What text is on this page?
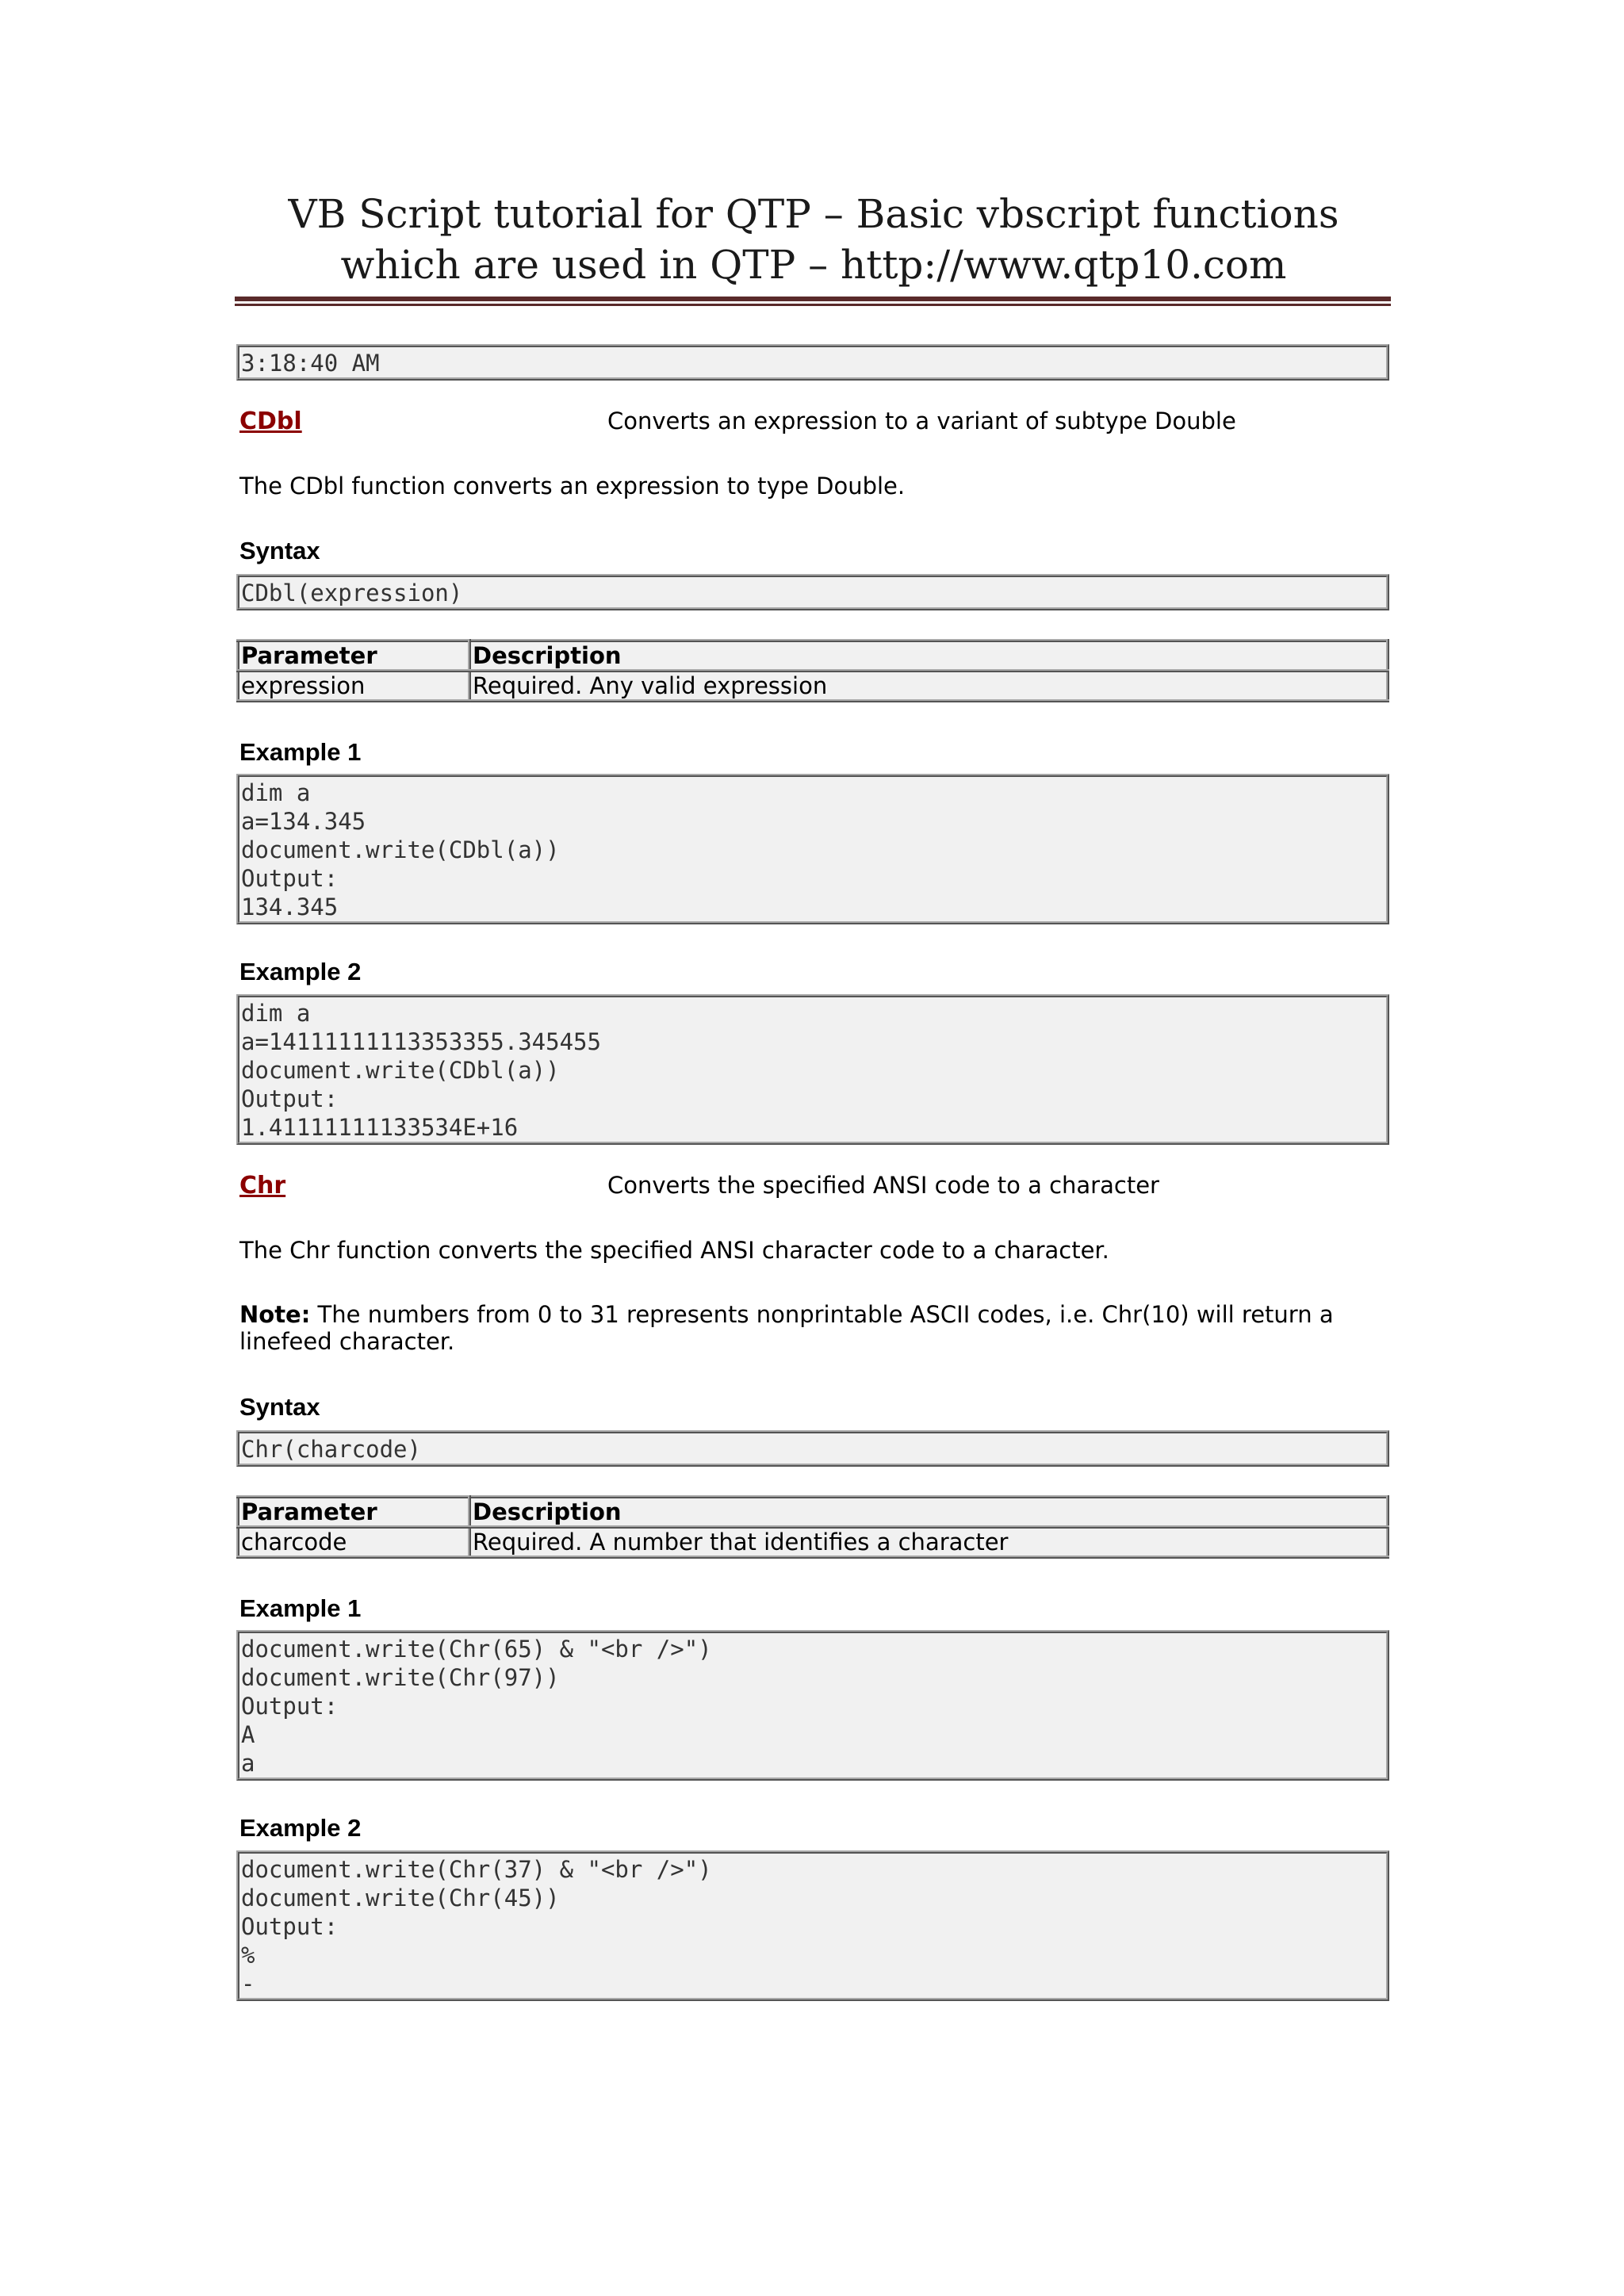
VB Script tutorial for QTP – Basic vbscript functions which are used in QTP – http://www.qtp10.com
3:18:40 AM
CDbl	Converts an expression to a variant of subtype Double
The CDbl function converts an expression to type Double.
Syntax
CDbl(expression)
Parameter	Description
expression	Required. Any valid expression
Example 1
dim a
a=134.345
document.write(CDbl(a))
Output:
134.345
Example 2
dim a
a=14111111113353355.345455
document.write(CDbl(a))
Output:
1.41111111133534E+16
Chr	Converts the specified ANSI code to a character
The Chr function converts the specified ANSI character code to a character.
Note: The numbers from 0 to 31 represents nonprintable ASCII codes, i.e. Chr(10) will return a linefeed character.
Syntax
Chr(charcode)
Parameter	Description
charcode	Required. A number that identifies a character
Example 1
document.write(Chr(65) & "<br />")
document.write(Chr(97))
Output:
A
a
Example 2
document.write(Chr(37) & "<br />")
document.write(Chr(45))
Output:
%
-
